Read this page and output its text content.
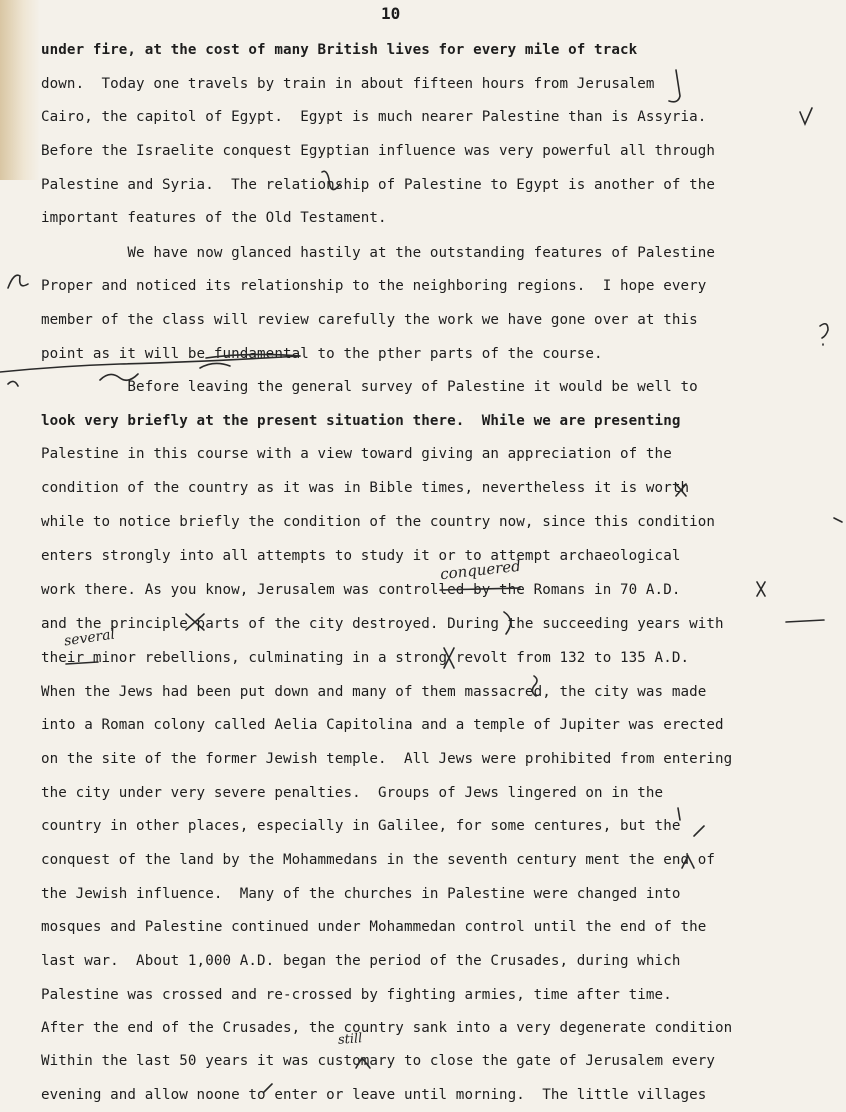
10

under fire, at the cost of many British lives for every mile of track

down.  Today one travels by train in about fifteen hours from Jerusalem

Cairo, the capitol of Egypt.  Egypt is much nearer Palestine than is Assyria.

Before the Israelite conquest Egyptian influence was very powerful all through

Palestine and Syria.  The relationship of Palestine to Egypt is another of the

important features of the Old Testament.

We have now glanced hastily at the outstanding features of Palestine

Proper and noticed its relationship to the neighboring regions.  I hope every

member of the class will review carefully the work we have gone over at this

point as it will be fundamental to the pther parts of the course.

Before leaving the general survey of Palestine it would be well to

look very briefly at the present situation there.  While we are presenting

Palestine in this course with a view toward giving an appreciation of the

condition of the country as it was in Bible times, nevertheless it is worth

while to notice briefly the condition of the country now, since this condition

enters strongly into all attempts to study it or to attempt archaeological

work there. As you know, Jerusalem was controlled by the Romans in 70 A.D.

and the principle parts of the city destroyed. During the succeeding years with

their minor rebellions, culminating in a strong revolt from 132 to 135 A.D.

When the Jews had been put down and many of them massacred, the city was made

into a Roman colony called Aelia Capitolina and a temple of Jupiter was erected

on the site of the former Jewish temple.  All Jews were prohibited from entering

the city under very severe penalties.  Groups of Jews lingered on in the

country in other places, especially in Galilee, for some centures, but the

conquest of the land by the Mohammedans in the seventh century ment the end of

the Jewish influence.  Many of the churches in Palestine were changed into

mosques and Palestine continued under Mohammedan control until the end of the

last war.  About 1,000 A.D. began the period of the Crusades, during which

Palestine was crossed and re-crossed by fighting armies, time after time.

After the end of the Crusades, the country sank into a very degenerate condition

Within the last 50 years it was customary to close the gate of Jerusalem every

evening and allow noone to enter or leave until morning.  The little villages

conquered
several
still
